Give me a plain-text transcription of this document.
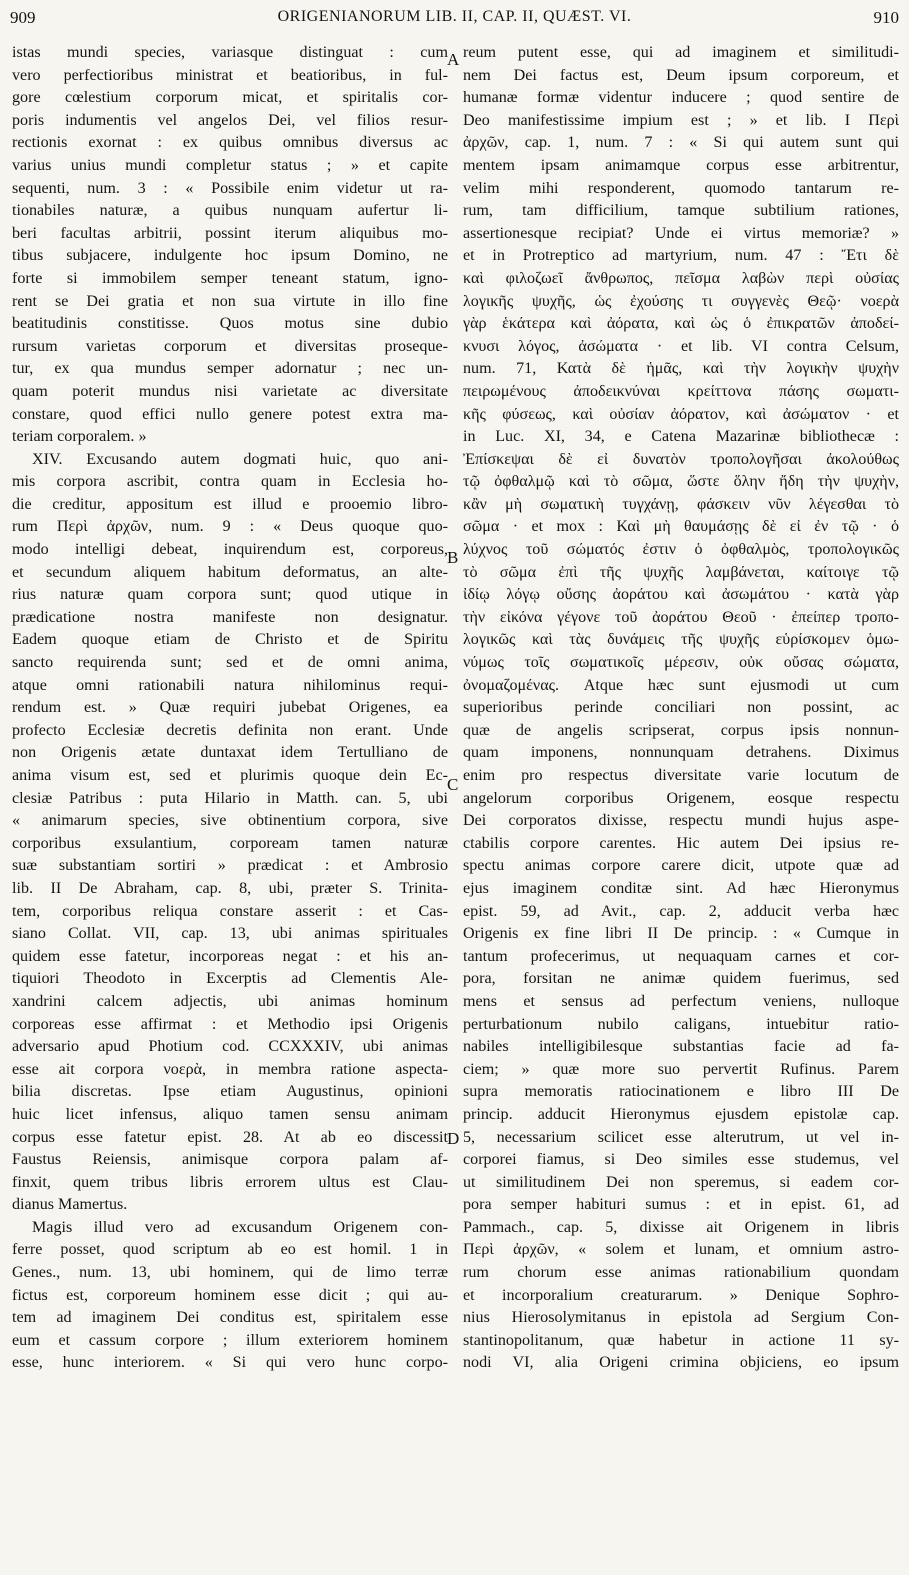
909	ORIGENIANORUM LIB. II, CAP. II, QUÆST. VI.	910
istas mundi species, variasque distinguat : cum
vero perfectioribus ministrat et beatioribus, in ful-
gore cœlestium corporum micat, et spiritalis cor-
poris indumentis vel angelos Dei, vel filios resur-
rectionis exornat : ex quibus omnibus diversus ac
varius unius mundi completur status ; » et capite
sequenti, num. 3 : « Possibile enim videtur ut ra-
tionabiles naturæ, a quibus nunquam aufertur li-
beri facultas arbitrii, possint iterum aliquibus mo-
tibus subjacere, indulgente hoc ipsum Domino, ne
forte si immobilem semper teneant statum, igno-
rent se Dei gratia et non sua virtute in illo fine
beatitudinis constitisse. Quos motus sine dubio
rursum varietas corporum et diversitas proseque-
tur, ex qua mundus semper adornatur ; nec un-
quam poterit mundus nisi varietate ac diversitate
constare, quod effici nullo genere potest extra ma-
teriam corporalem. »
XIV. Excusando autem dogmati huic, quo ani-
mis corpora ascribit, contra quam in Ecclesia ho-
die creditur, appositum est illud e prooemio libro-
rum Περὶ ἀρχῶν, num. 9 : « Deus quoque quo-
modo intelligi debeat, inquirendum est, corporeus,
et secundum aliquem habitum deformatus, an alte-
rius naturæ quam corpora sunt; quod utique in
prædicatione nostra manifeste non designatur.
Eadem quoque etiam de Christo et de Spiritu
sancto requirenda sunt; sed et de omni anima,
atque omni rationabili natura nihilominus requi-
rendum est. » Quæ requiri jubebat Origenes, ea
profecto Ecclesiæ decretis definita non erant. Unde
non Origenis ætate duntaxat idem Tertulliano de
anima visum est, sed et plurimis quoque dein Ec-
clesiæ Patribus : puta Hilario in Matth. can. 5, ubi
« animarum species, sive obtinentium corpora, sive
corporibus exsulantium, corpoream tamen naturæ
suæ substantiam sortiri » prædicat : et Ambrosio
lib. II De Abraham, cap. 8, ubi, præter S. Trinita-
tem, corporibus reliqua constare asserit : et Cas-
siano Collat. VII, cap. 13, ubi animas spirituales
quidem esse fatetur, incorporeas negat : et his an-
tiquiori Theodoto in Excerptis ad Clementis Ale-
xandrini calcem adjectis, ubi animas hominum
corporeas esse affirmat : et Methodio ipsi Origenis
adversario apud Photium cod. CCXXXIV, ubi animas
esse ait corpora νοερὰ, in membra ratione aspecta-
bilia discretas. Ipse etiam Augustinus, opinioni
huic licet infensus, aliquo tamen sensu animam
corpus esse fatetur epist. 28. At ab eo discessit
Faustus Reiensis, animisque corpora palam af-
finxit, quem tribus libris errorem ultus est Clau-
dianus Mamertus.
Magis illud vero ad excusandum Origenem con-
ferre posset, quod scriptum ab eo est homil. 1 in
Genes., num. 13, ubi hominem, qui de limo terræ
fictus est, corporeum hominem esse dicit ; qui au-
tem ad imaginem Dei conditus est, spiritalem esse
eum et cassum corpore ; illum exteriorem hominem
esse, hunc interiorem. « Si qui vero hunc corpo-
reum putent esse, qui ad imaginem et similitudi-
nem Dei factus est, Deum ipsum corporeum, et
humanæ formæ videntur inducere ; quod sentire de
Deo manifestissime impium est ; » et lib. I Περὶ
ἀρχῶν, cap. 1, num. 7 : « Si qui autem sunt qui
mentem ipsam animamque corpus esse arbitrentur,
velim mihi responderent, quomodo tantarum re-
rum, tam difficilium, tamque subtilium rationes,
assertionesque recipiat? Unde ei virtus memoriæ? »
et in Protreptico ad martyrium, num. 47 : Ἔτι δὲ
καὶ φιλοζωεῖ ἄνθρωπος, πεῖσμα λαβὼν περὶ οὐσίας
λογικῆς ψυχῆς, ὡς ἐχούσης τι συγγενὲς Θεῷ· νοερὰ
γὰρ ἑκάτερα καὶ ἀόρατα, καὶ ὡς ὁ ἐπικρατῶν ἀποδεί-
κνυσι λόγος, ἀσώματα · et lib. VI contra Celsum,
num. 71, Κατὰ δὲ ἡμᾶς, καὶ τὴν λογικὴν ψυχὴν
πειρωμένους ἀποδεικνύναι κρείττονα πάσης σωματι-
κῆς φύσεως, καὶ οὐσίαν ἀόρατον, καὶ ἀσώματον · et
in Luc. XI, 34, e Catena Mazarinæ bibliothecæ :
Ἐπίσκεψαι δὲ εἰ δυνατὸν τροπολογῆσαι ἀκολούθως
τῷ ὀφθαλμῷ καὶ τὸ σῶμα, ὥστε ὅλην ἤδη τὴν ψυχὴν,
κἂν μὴ σωματικὴ τυγχάνῃ, φάσκειν νῦν λέγεσθαι τὸ
σῶμα · et mox : Καὶ μὴ θαυμάσῃς δὲ εἰ ἐν τῷ · ὁ
λύχνος τοῦ σώματός ἐστιν ὁ ὀφθαλμὸς, τροπολογικῶς
τὸ σῶμα ἐπὶ τῆς ψυχῆς λαμβάνεται, καίτοιγε τῷ
ἰδίῳ λόγῳ οὔσης ἀοράτου καὶ ἀσωμάτου · κατὰ γὰρ
τὴν εἰκόνα γέγονε τοῦ ἀοράτου Θεοῦ · ἐπείπερ τροπο-
λογικῶς καὶ τὰς δυνάμεις τῆς ψυχῆς εὑρίσκομεν ὁμω-
νύμως τοῖς σωματικοῖς μέρεσιν, οὐκ οὔσας σώματα,
ὀνομαζομένας. Atque hæc sunt ejusmodi ut cum
superioribus perinde conciliari non possint, ac
quæ de angelis scripserat, corpus ipsis nonnun-
quam imponens, nonnunquam detrahens. Diximus
enim pro respectus diversitate varie locutum de
angelorum corporibus Origenem, eosque respectu
Dei corporatos dixisse, respectu mundi hujus aspe-
ctabilis corpore carentes. Hic autem Dei ipsius re-
spectu animas corpore carere dicit, utpote quæ ad
ejus imaginem conditæ sint. Ad hæc Hieronymus
epist. 59, ad Avit., cap. 2, adducit verba hæc
Origenis ex fine libri II De princip. : « Cumque in
tantum profecerimus, ut nequaquam carnes et cor-
pora, forsitan ne animæ quidem fuerimus, sed
mens et sensus ad perfectum veniens, nulloque
perturbationum nubilo caligans, intuebitur ratio-
nabiles intelligibilesque substantias facie ad fa-
ciem; » quæ more suo pervertit Rufinus. Parem
supra memoratis ratiocinationem e libro III De
princip. adducit Hieronymus ejusdem epistolæ cap.
5, necessarium scilicet esse alterutrum, ut vel in-
corporei fiamus, si Deo similes esse studemus, vel
ut similitudinem Dei non speremus, si eadem cor-
pora semper habituri sumus : et in epist. 61, ad
Pammach., cap. 5, dixisse ait Origenem in libris
Περὶ ἀρχῶν, « solem et lunam, et omnium astro-
rum chorum esse animas rationabilium quondam
et incorporalium creaturarum. » Denique Sophro-
nius Hierosolymitanus in epistola ad Sergium Con-
stantinopolitanum, quæ habetur in actione 11 sy-
nodi VI, alia Origeni crimina objiciens, eo ipsum
A
B
C
D
